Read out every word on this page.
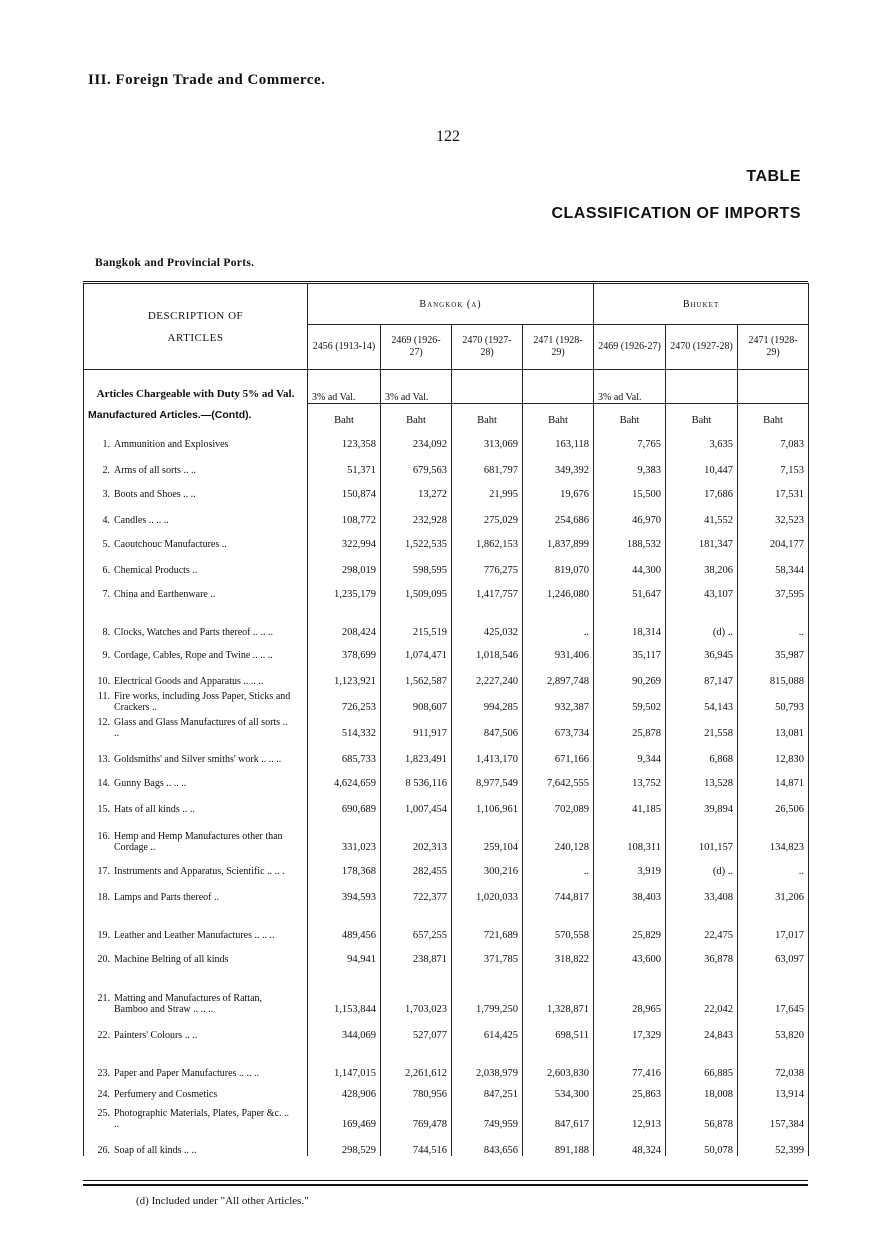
III. Foreign Trade and Commerce.
122
TABLE
CLASSIFICATION OF IMPORTS
Bangkok and Provincial Ports.
DESCRIPTION OF ARTICLES	Bangkok (a)				Bhuket		
	2456 (1913-14)	2469 (1926-27)	2470 (1927-28)	2471 (1928-29)	2469 (1926-27)	2470 (1927-28)	2471 (1928-29)
Articles Chargeable with Duty 5% ad Val.	3% ad Val.	3% ad Val.			3% ad Val.		

Manufactured Articles.—(Contd).	Baht	Baht	Baht	Baht	Baht	Baht	Baht
1. Ammunition and Explosives	123,358	234,092	313,069	163,118	7,765	3,635	7,083
2. Arms of all sorts .. ..	51,371	679,563	681,797	349,392	9,383	10,447	7,153
3. Boots and Shoes .. ..	150,874	13,272	21,995	19,676	15,500	17,686	17,531
4. Candles .. .. ..	108,772	232,928	275,029	254,686	46,970	41,552	32,523
5. Caoutchouc Manufactures ..	322,994	1,522,535	1,862,153	1,837,899	188,532	181,347	204,177
6. Chemical Products ..	298,019	598,595	776,275	819,070	44,300	38,206	58,344
7. China and Earthenware ..	1,235,179	1,509,095	1,417,757	1,246,080	51,647	43,107	37,595
8. Clocks, Watches and Parts thereof .. .. ..	208,424	215,519	425,032	..	18,314	(d) ..	..
9. Cordage, Cables, Rope and Twine .. .. ..	378,699	1,074,471	1,018,546	931,406	35,117	36,945	35,987
10. Electrical Goods and Apparatus .. .. ..	1,123,921	1,562,587	2,227,240	2,897,748	90,269	87,147	815,088
11. Fire works, including Joss Paper, Sticks and Crackers ..	726,253	908,607	994,285	932,387	59,502	54,143	50,793
12. Glass and Glass Manufactures of all sorts .. ..	514,332	911,917	847,506	673,734	25,878	21,558	13,081
13. Goldsmiths' and Silver smiths' work .. .. ..	685,733	1,823,491	1,413,170	671,166	9,344	6,868	12,830
14. Gunny Bags .. .. ..	4,624,659	8 536,116	8,977,549	7,642,555	13,752	13,528	14,871
15. Hats of all kinds .. ..	690,689	1,007,454	1,106,961	702,089	41,185	39,894	26,506
16. Hemp and Hemp Manufactures other than Cordage ..	331,023	202,313	259,104	240,128	108,311	101,157	134,823
17. Instruments and Apparatus, Scientific .. .. .	178,368	282,455	300,216	..	3,919	(d) ..	..
18. Lamps and Parts thereof ..	394,593	722,377	1,020,033	744,817	38,403	33,408	31,206
19. Leather and Leather Manufactures .. .. ..	489,456	657,255	721,689	570,558	25,829	22,475	17,017
20. Machine Belting of all kinds	94,941	238,871	371,785	318,822	43,600	36,878	63,097
21. Matting and Manufactures of Rattan, Bamboo and Straw .. .. ..	1,153,844	1,703,023	1,799,250	1,328,871	28,965	22,042	17,645
22. Painters' Colours .. ..	344,069	527,077	614,425	698,511	17,329	24,843	53,820
23. Paper and Paper Manufactures .. .. ..	1,147,015	2,261,612	2,038,979	2,603,830	77,416	66,885	72,038
24. Perfumery and Cosmetics	428,906	780,956	847,251	534,300	25,863	18,008	13,914
25. Photographic Materials, Plates, Paper &c. .. ..	169,469	769,478	749,959	847,617	12,913	56,878	157,384
26. Soap of all kinds .. ..	298,529	744,516	843,656	891,188	48,324	50,078	52,399
(d) Included under "All other Articles."
